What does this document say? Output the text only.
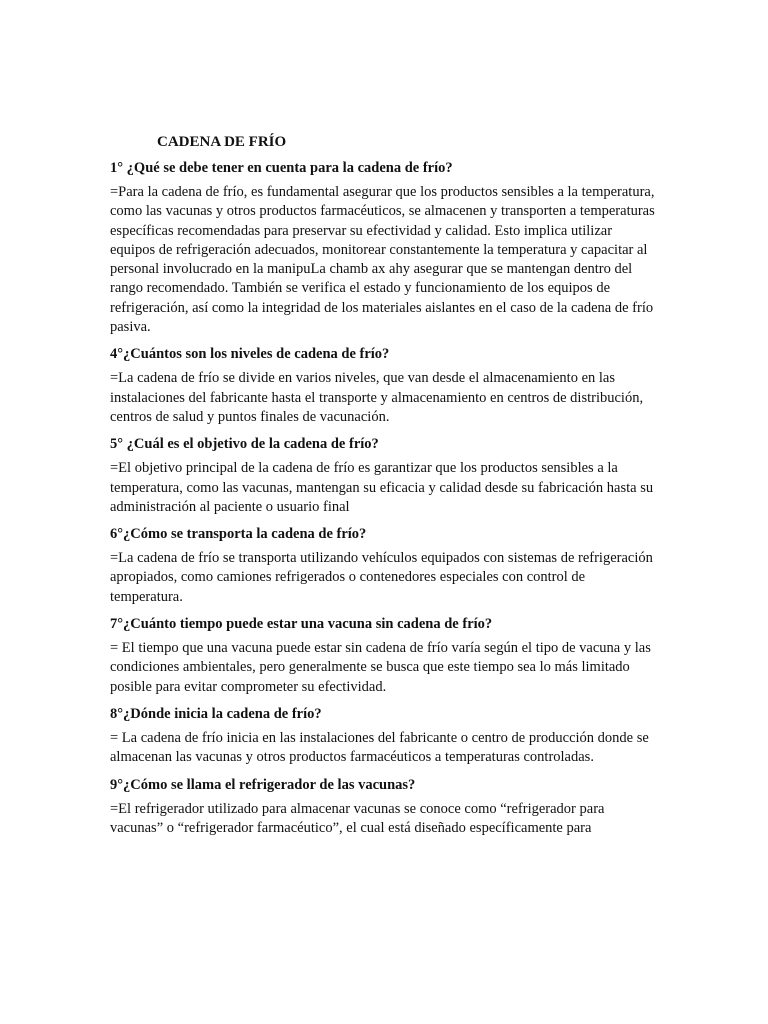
CADENA DE FRÍO
1° ¿Qué se debe tener en cuenta para la cadena de frío?
=Para la cadena de frío, es fundamental asegurar que los productos sensibles a la temperatura, como las vacunas y otros productos farmacéuticos, se almacenen y transporten a temperaturas específicas recomendadas para preservar su efectividad y calidad. Esto implica utilizar equipos de refrigeración adecuados, monitorear constantemente la temperatura y capacitar al personal involucrado en la manipuLa chamb ax ahy asegurar que se mantengan dentro del rango recomendado. También se verifica el estado y funcionamiento de los equipos de refrigeración, así como la integridad de los materiales aislantes en el caso de la cadena de frío pasiva.
4°¿Cuántos son los niveles de cadena de frío?
=La cadena de frío se divide en varios niveles, que van desde el almacenamiento en las instalaciones del fabricante hasta el transporte y almacenamiento en centros de distribución, centros de salud y puntos finales de vacunación.
5° ¿Cuál es el objetivo de la cadena de frío?
=El objetivo principal de la cadena de frío es garantizar que los productos sensibles a la temperatura, como las vacunas, mantengan su eficacia y calidad desde su fabricación hasta su administración al paciente o usuario final
6°¿Cómo se transporta la cadena de frío?
=La cadena de frío se transporta utilizando vehículos equipados con sistemas de refrigeración apropiados, como camiones refrigerados o contenedores especiales con control de temperatura.
7°¿Cuánto tiempo puede estar una vacuna sin cadena de frío?
= El tiempo que una vacuna puede estar sin cadena de frío varía según el tipo de vacuna y las condiciones ambientales, pero generalmente se busca que este tiempo sea lo más limitado posible para evitar comprometer su efectividad.
8°¿Dónde inicia la cadena de frío?
= La cadena de frío inicia en las instalaciones del fabricante o centro de producción donde se almacenan las vacunas y otros productos farmacéuticos a temperaturas controladas.
9°¿Cómo se llama el refrigerador de las vacunas?
=El refrigerador utilizado para almacenar vacunas se conoce como “refrigerador para vacunas” o “refrigerador farmacéutico”, el cual está diseñado específicamente para
